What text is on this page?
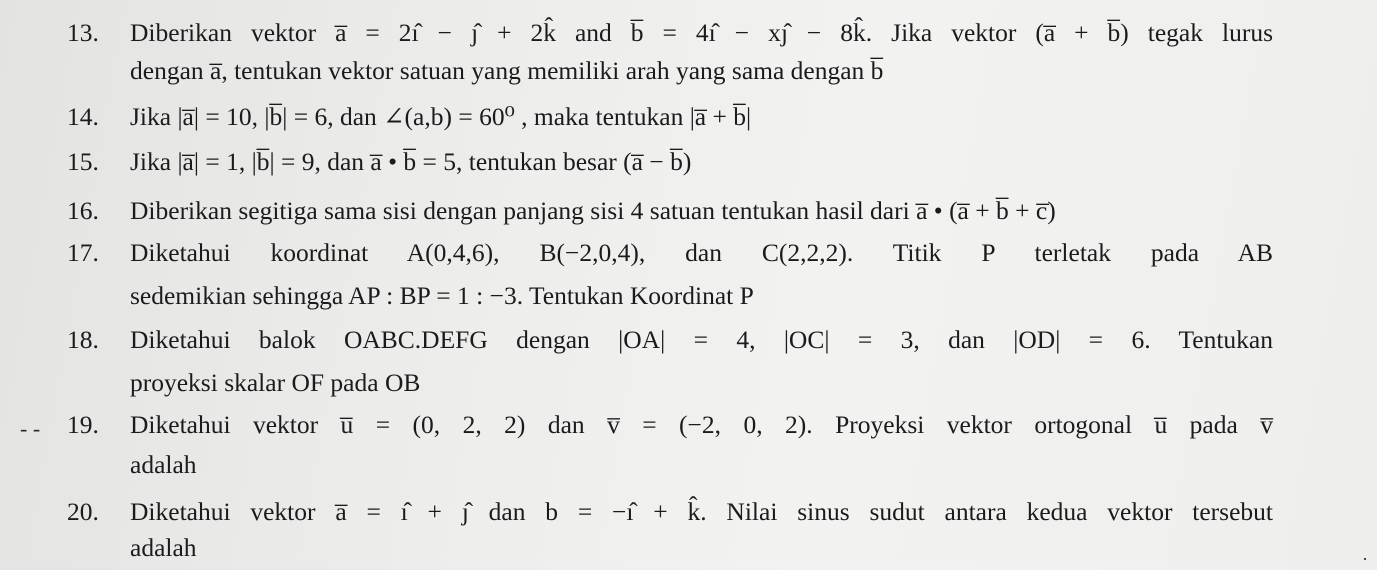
13. Diberikan vektor a̅ = 2ı̂ − ȷ̂ + 2k̂ and b̅ = 4ı̂ − xȷ̂ − 8k̂. Jika vektor (a̅ + b̅) tegak lurus
dengan a̅, tentukan vektor satuan yang memiliki arah yang sama dengan b̅
14. Jika |a̅| = 10, |b̅| = 6, dan ∠(a,b) = 60⁰ , maka tentukan |a̅ + b̅|
15. Jika |a̅| = 1, |b̅| = 9, dan a̅ • b̅ = 5, tentukan besar (a̅ − b̅)
16. Diberikan segitiga sama sisi dengan panjang sisi 4 satuan tentukan hasil dari a̅ • (a̅ + b̅ + c̅)
17. Diketahui koordinat A(0,4,6), B(−2,0,4), dan C(2,2,2). Titik P terletak pada AB
sedemikian sehingga AP : BP = 1 : −3. Tentukan Koordinat P
18. Diketahui balok OABC.DEFG dengan |OA| = 4, |OC| = 3, dan |OD| = 6. Tentukan
proyeksi skalar OF pada OB
- ‑ 19. Diketahui vektor u̅ = (0, 2, 2) dan v̅ = (−2, 0, 2). Proyeksi vektor ortogonal u̅ pada v̅
adalah
20. Diketahui vektor a̅ = ı̂ + ȷ̂ dan b = −ı̂ + k̂. Nilai sinus sudut antara kedua vektor tersebut
adalah	·
